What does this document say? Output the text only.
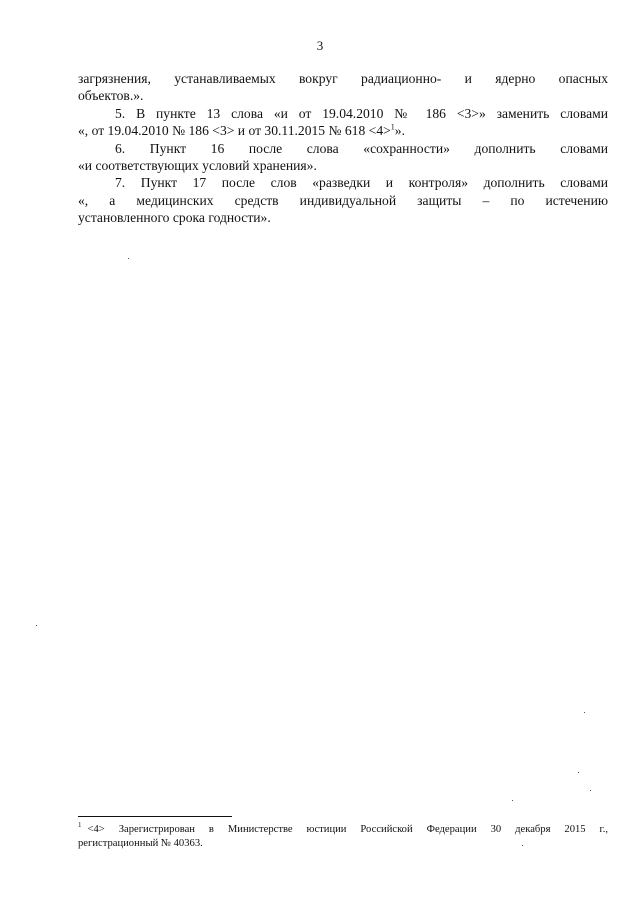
3

загрязнения, устанавливаемых вокруг радиационно- и ядерно опасных
объектов.».

5. В пункте 13 слова «и от 19.04.2010 № 186 <3>» заменить словами
«, от 19.04.2010 № 186 <3> и от 30.11.2015 № 618 <4>$^1$».

6. Пункт 16 после слова «сохранности» дополнить словами
«и соответствующих условий хранения».

7. Пункт 17 после слов «разведки и контроля» дополнить словами
«, а медицинских средств индивидуальной защиты – по истечению
установленного срока годности».

$^1$ <4> Зарегистрирован в Министерстве юстиции Российской Федерации 30 декабря 2015 г.,
регистрационный № 40363.
